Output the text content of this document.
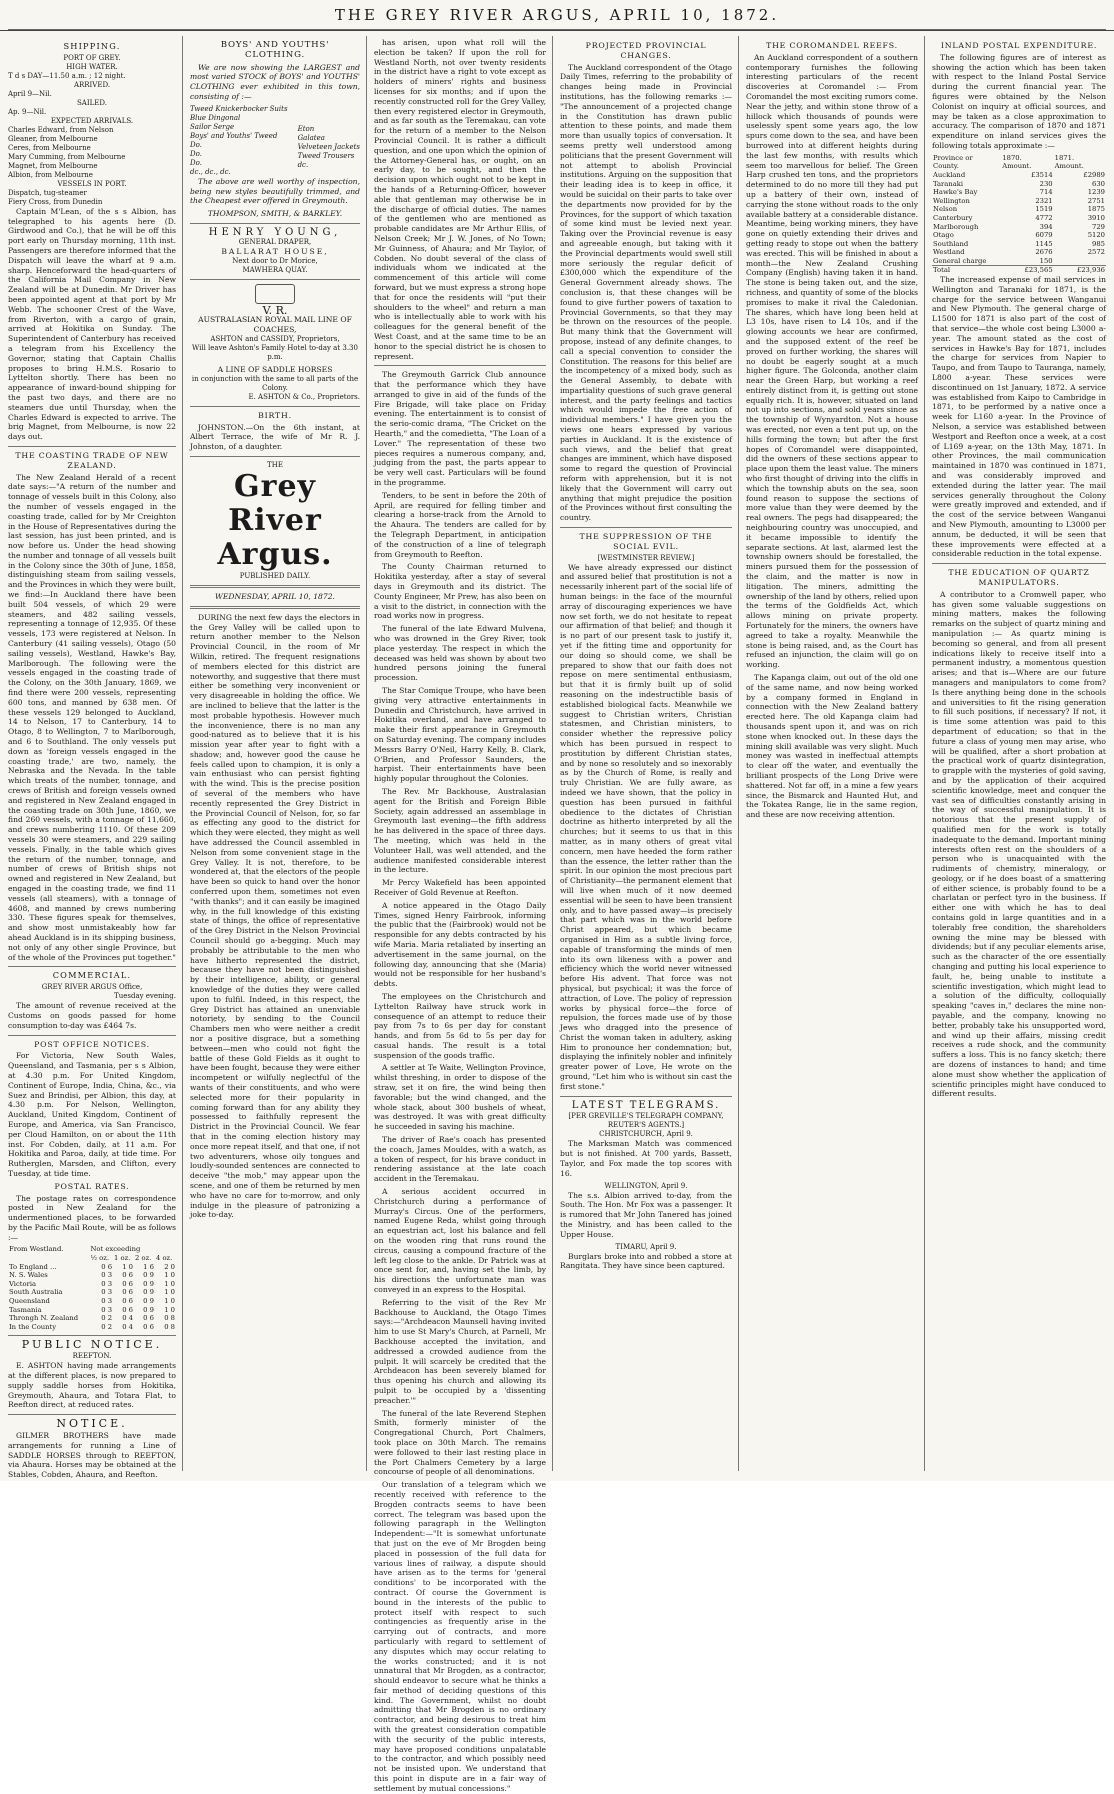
THE GREY RIVER ARGUS, APRIL 10, 1872.
SHIPPING.
PORT OF GREY.
HIGH WATER.
T d s DAY—11.50 a.m. ; 12 night.
ARRIVED.
April 9—Nil.
SAILED.
Ap. 9—Nil.
EXPECTED ARRIVALS.
Charles Edward, from Nelson
Gleaner, from Melbourne
Ceres, from Melbourne
Mary Cumming, from Melbourne
Magnet, from Melbourne
Albion, from Melbourne
VESSELS IN PORT.
Dispatch, tug-steamer
Fiery Cross, from Dunedin

Captain M'Lean, of the s s Albion, has telegraphed to his agents here (D. Girdwood and Co.), that he will be off this port early on Thursday morning, 11th inst. Passengers are therefore informed that the Dispatch will leave the wharf at 9 a.m. sharp. Henceforward the head-quarters of the California Mail Company in New Zealand will be at Dunedin. Mr Driver has been appointed agent at that port by Mr Webb. The schooner Crest of the Wave, from Riverton, with a cargo of grain, arrived at Hokitika on Sunday. The Superintendent of Canterbury has received a telegram from his Excellency the Governor, stating that Captain Challis proposes to bring H.M.S. Rosario to Lyttelton shortly. There has been no appearance of inward-bound shipping for the past two days, and there are no steamers due until Thursday, when the Charles Edward is expected to arrive. The brig Magnet, from Melbourne, is now 22 days out.

THE COASTING TRADE OF NEW ZEALAND.

The New Zealand Herald of a recent date says:—"A return of the number and tonnage of vessels built in this Colony, also the number of vessels engaged in the coasting trade, called for by Mr Creighton in the House of Representatives during the last session, has just been printed, and is now before us. Under the head showing the number and tonnage of all vessels built in the Colony since the 30th of June, 1858, distinguishing steam from sailing vessels, and the Provinces in which they were built, we find:—In Auckland there have been built 504 vessels, of which 29 were steamers, and 482 sailing vessels, representing a tonnage of 12,935. Of these vessels, 173 were registered at Nelson. In Canterbury (41 sailing vessels), Otago (50 sailing vessels), Westland, Hawke's Bay, Marlborough. The following were the vessels engaged in the coasting trade of the Colony, on the 30th January, 1869, we find there were 200 vessels, representing 600 tons, and manned by 638 men. Of these vessels 129 belonged to Auckland, 14 to Nelson, 17 to Canterbury, 14 to Otago, 8 to Wellington, 7 to Marlborough, and 6 to Southland. The only vessels put down as 'foreign vessels engaged in the coasting trade,' are two, namely, the Nebraska and the Nevada. In the table which treats of the number, tonnage, and crews of British and foreign vessels owned and registered in New Zealand engaged in the coasting trade on 30th June, 1860, we find 260 vessels, with a tonnage of 11,660, and crews numbering 1110. Of these 209 vessels 30 were steamers, and 229 sailing vessels. Finally, in the table which gives the return of the number, tonnage, and number of crews of British ships not owned and registered in New Zealand, but engaged in the coasting trade, we find 11 vessels (all steamers), with a tonnage of 4608, and manned by crews numbering 330. These figures speak for themselves, and show most unmistakeably how far ahead Auckland is in its shipping business, not only of any other single Province, but of the whole of the Provinces put together."

COMMERCIAL.
GREY RIVER ARGUS Office,
Tuesday evening.

The amount of revenue received at the Customs on goods passed for home consumption to-day was £464 7s.

POST OFFICE NOTICES.

For Victoria, New South Wales, Queensland, and Tasmania, per s s Albion, at 4.30 p.m. For United Kingdom, Continent of Europe, India, China, &c., via Suez and Brindisi, per Albion, this day, at 4.30 p.m. For Nelson, Wellington, Auckland, United Kingdom, Continent of Europe, and America, via San Francisco, per Cloud Hamilton, on or about the 11th inst. For Cobden, daily, at 11 a.m. For Hokitika and Paroa, daily, at tide time. For Rutherglen, Marsden, and Clifton, every Tuesday, at tide time.

POSTAL RATES.

The postage rates on correspondence posted in New Zealand for the undermentioned places, to be forwarded by the Pacific Mail Route, will be as follows :—

From Westland.	Not exceeding			
	½ oz.	1 oz.	2 oz.	4 oz.
To England ...	0 6	1 0	1 6	2 0
N. S. Wales	0 3	0 6	0 9	1 0
Victoria	0 3	0 6	0 9	1 0
South Australia	0 3	0 6	0 9	1 0
Queensland	0 3	0 6	0 9	1 0
Tasmania	0 3	0 6	0 9	1 0
Throngh N. Zealand	0 2	0 4	0 6	0 8
In the County	0 2	0 4	0 6	0 8
PUBLIC NOTICE.
REEFTON.

E. ASHTON having made arrangements at the different places, is now prepared to supply saddle horses from Hokitika, Greymouth, Ahaura, and Totara Flat, to Reefton direct, at reduced rates.

NOTICE.

GILMER BROTHERS have made arrangements for running a Line of SADDLE HORSES through to REEFTON, via Ahaura. Horses may be obtained at the Stables, Cobden, Ahaura, and Reefton.

BOYS' AND YOUTHS' CLOTHING.

We are now showing the LARGEST and most varied STOCK of BOYS' and YOUTHS' CLOTHING ever exhibited in this town, consisting of :—

Tweed Knickerbocker Suits
Blue Dingonal
Sailor Serge
Boys' and Youths' Tweed
Do.
Do.
Do.
dc., dc., dc.
Eton
Galatea
Velveteen Jackets
Tweed Trousers
dc.

The above are well worthy of inspection, being new styles beautifully trimmed, and the Cheapest ever offered in Greymouth.

THOMPSON, SMITH, & BARKLEY.
HENRY YOUNG,
GENERAL DRAPER,
BALLARAT HOUSE,
Next door to Dr Morice,
MAWHERA QUAY.
V. R.
AUSTRALASIAN ROYAL MAIL LINE OF COACHES,
ASHTON and CASSIDY, Proprietors,
Will leave Ashton's Family Hotel to-day at 3.30 p.m.
A LINE OF SADDLE HORSES
in conjunction with the same to all parts of the Colony.
E. ASHTON & Co., Proprietors.
BIRTH.

JOHNSTON.—On the 6th instant, at Albert Terrace, the wife of Mr R. J. Johnston, of a daughter.

THE
Grey River Argus.
PUBLISHED DAILY.
WEDNESDAY, APRIL 10, 1872.

DURING the next few days the electors in the Grey Valley will be called upon to return another member to the Nelson Provincial Council, in the room of Mr Wilkin, retired. The frequent resignations of members elected for this district are noteworthy, and suggestive that there must either be something very inconvenient or very disagreeable in holding the office. We are inclined to believe that the latter is the most probable hypothesis. However much the inconvenience, there is no man any good-natured as to believe that it is his mission year after year to fight with a shadow; and, however good the cause he feels called upon to champion, it is only a vain enthusiast who can persist fighting with the wind. This is the precise position of several of the members who have recently represented the Grey District in the Provincial Council of Nelson, for, so far as effecting any good to the district for which they were elected, they might as well have addressed the Council assembled in Nelson from some convenient stage in the Grey Valley. It is not, therefore, to be wondered at, that the electors of the people have been so quick to hand over the honor conferred upon them, sometimes not even "with thanks"; and it can easily be imagined why, in the full knowledge of this existing state of things, the office of representative of the Grey District in the Nelson Provincial Council should go a-begging. Much may probably be attributable to the men who have hitherto represented the district, because they have not been distinguished by their intelligence, ability, or general knowledge of the duties they were called upon to fulfil. Indeed, in this respect, the Grey District has attained an unenviable notoriety, by sending to the Council Chambers men who were neither a credit nor a positive disgrace, but a something between—men who could not fight the battle of these Gold Fields as it ought to have been fought, because they were either incompetent or wilfully neglectful of the wants of their constituents, and who were selected more for their popularity in coming forward than for any ability they possessed to faithfully represent the District in the Provincial Council. We fear that in the coming election history may once more repeat itself, and that one, if not two adventurers, whose oily tongues and loudly-sounded sentences are connected to deceive "the mob," may appear upon the scene, and one of them be returned by men who have no care for to-morrow, and only indulge in the pleasure of patronizing a joke to-day.

has arisen, upon what roll will the election be taken? If upon the roll for Westland North, not over twenty residents in the district have a right to vote except as holders of miners' rights and business licenses for six months; and if upon the recently constructed roll for the Grey Valley, then every registered elector in Greymouth, and as far south as the Teremakau, can vote for the return of a member to the Nelson Provincial Council. It is rather a difficult question, and one upon which the opinion of the Attorney-General has, or ought, on an early day, to be sought, and then the decision upon which ought not to be kept in the hands of a Returning-Officer, however able that gentleman may otherwise be in the discharge of official duties. The names of the gentlemen who are mentioned as probable candidates are Mr Arthur Ellis, of Nelson Creek; Mr J. W. Jones, of No Town; Mr Guinness, of Ahaura; and Mr Taylor, of Cobden. No doubt several of the class of individuals whom we indicated at the commencement of this article will come forward, but we must express a strong hope that for once the residents will "put their shoulders to the wheel" and return a man who is intellectually able to work with his colleagues for the general benefit of the West Coast, and at the same time to be an honor to the special district he is chosen to represent.

The Greymouth Garrick Club announce that the performance which they have arranged to give in aid of the funds of the Fire Brigade, will take place on Friday evening. The entertainment is to consist of the serio-comic drama, "The Cricket on the Hearth," and the comedietta, "The Loan of a Lover." The representation of these two pieces requires a numerous company, and, judging from the past, the parts appear to be very well cast. Particulars will be found in the programme.

Tenders, to be sent in before the 20th of April, are required for felling timber and clearing a horse-track from the Arnold to the Ahaura. The tenders are called for by the Telegraph Department, in anticipation of the construction of a line of telegraph from Greymouth to Reefton.

The County Chairman returned to Hokitika yesterday, after a stay of several days in Greymouth and its district. The County Engineer, Mr Prew, has also been on a visit to the district, in connection with the road works now in progress.

The funeral of the late Edward Mulvena, who was drowned in the Grey River, took place yesterday. The respect in which the deceased was held was shown by about two hundred persons joining the funeral procession.

The Star Comique Troupe, who have been giving very attractive entertainments in Dunedin and Christchurch, have arrived in Hokitika overland, and have arranged to make their first appearance in Greymouth on Saturday evening. The company includes Messrs Barry O'Neil, Harry Kelly, B. Clark, O'Brien, and Professor Saunders, the harpist. Their entertainments have been highly popular throughout the Colonies.

The Rev. Mr Backhouse, Australasian agent for the British and Foreign Bible Society, again addressed an assemblage in Greymouth last evening—the fifth address he has delivered in the space of three days. The meeting, which was held in the Volunteer Hall, was well attended, and the audience manifested considerable interest in the lecture.

Mr Percy Wakefield has been appointed Receiver of Gold Revenue at Reefton.

A notice appeared in the Otago Daily Times, signed Henry Fairbrook, informing the public that the (Fairbrook) would not be responsible for any debts contracted by his wife Maria. Maria retaliated by inserting an advertisement in the same journal, on the following day, announcing that she (Maria) would not be responsible for her husband's debts.

The employees on the Christchurch and Lyttelton Railway have struck work in consequence of an attempt to reduce their pay from 7s to 6s per day for constant hands, and from 5s 6d to 5s per day for casual hands. The result is a total suspension of the goods traffic.

A settler at Te Waite, Wellington Province, whilst threshing, in order to dispose of the straw, set it on fire, the wind being then favorable; but the wind changed, and the whole stack, about 300 bushels of wheat, was destroyed. It was with great difficulty he succeeded in saving his machine.

The driver of Rae's coach has presented the coach, James Mouldes, with a watch, as a token of respect, for his brave conduct in rendering assistance at the late coach accident in the Teremakau.

A serious accident occurred in Christchurch during a performance of Murray's Circus. One of the performers, named Eugene Reda, whilst going through an equestrian act, lost his balance and fell on the wooden ring that runs round the circus, causing a compound fracture of the left leg close to the ankle. Dr Patrick was at once sent for, and, having set the limb, by his directions the unfortunate man was conveyed in an express to the Hospital.

Referring to the visit of the Rev Mr Backhouse to Auckland, the Otago Times says:—"Archdeacon Maunsell having invited him to use St Mary's Church, at Parnell, Mr Backhouse accepted the invitation, and addressed a crowded audience from the pulpit. It will scarcely be credited that the Archdeacon has been severely blamed for thus opening his church and allowing its pulpit to be occupied by a 'dissenting preacher.'"

The funeral of the late Reverend Stephen Smith, formerly minister of the Congregational Church, Port Chalmers, took place on 30th March. The remains were followed to their last resting place in the Port Chalmers Cemetery by a large concourse of people of all denominations.

Our translation of a telegram which we recently received with reference to the Brogden contracts seems to have been correct. The telegram was based upon the following paragraph in the Wellington Independent:—"It is somewhat unfortunate that just on the eve of Mr Brogden being placed in possession of the full data for various lines of railway, a dispute should have arisen as to the terms for 'general conditions' to be incorporated with the contract. Of course the Government is bound in the interests of the public to protect itself with respect to such contingencies as frequently arise in the carrying out of contracts, and more particularly with regard to settlement of any disputes which may occur relating to the works constructed; and it is not unnatural that Mr Brogden, as a contractor, should endeavor to secure what he thinks a fair method of deciding questions of this kind. The Government, whilst no doubt admitting that Mr Brogden is no ordinary contractor, and being desirous to treat him with the greatest consideration compatible with the security of the public interests, may have proposed conditions unpalatable to the contractor, and which possibly need not be insisted upon. We understand that this point in dispute are in a fair way of settlement by mutual concessions."

PROJECTED PROVINCIAL CHANGES.

The Auckland correspondent of the Otago Daily Times, referring to the probability of changes being made in Provincial institutions, has the following remarks :— "The announcement of a projected change in the Constitution has drawn public attention to these points, and made them more than usually topics of conversation. It seems pretty well understood among politicians that the present Government will not attempt to abolish Provincial institutions. Arguing on the supposition that their leading idea is to keep in office, it would be suicidal on their parts to take over the departments now provided for by the Provinces, for the support of which taxation of some kind must be levied next year. Taking over the Provincial revenue is easy and agreeable enough, but taking with it the Provincial departments would swell still more seriously the regular deficit of £300,000 which the expenditure of the General Government already shows. The conclusion is, that these changes will be found to give further powers of taxation to Provincial Governments, so that they may be thrown on the resources of the people. But many think that the Government will propose, instead of any definite changes, to call a special convention to consider the Constitution. The reasons for this belief are the incompetency of a mixed body, such as the General Assembly, to debate with impartiality questions of such grave general interest, and the party feelings and tactics which would impede the free action of individual members." I have given you the views one hears expressed by various parties in Auckland. It is the existence of such views, and the belief that great changes are imminent, which have disposed some to regard the question of Provincial reform with apprehension, but it is not likely that the Government will carry out anything that might prejudice the position of the Provinces without first consulting the country.

THE SUPPRESSION OF THE SOCIAL EVIL.
[WESTMINSTER REVIEW.]

We have already expressed our distinct and assured belief that prostitution is not a necessarily inherent part of the social life of human beings: in the face of the mournful array of discouraging experiences we have now set forth, we do not hesitate to repeat our affirmation of that belief; and though it is no part of our present task to justify it, yet if the fitting time and opportunity for our doing so should come, we shall be prepared to show that our faith does not repose on mere sentimental enthusiasm, but that it is firmly built up of solid reasoning on the indestructible basis of established biological facts. Meanwhile we suggest to Christian writers, Christian statesmen, and Christian ministers, to consider whether the repressive policy which has been pursued in respect to prostitution by different Christian states, and by none so resolutely and so inexorably as by the Church of Rome, is really and truly Christian. We are fully aware, as indeed we have shown, that the policy in question has been pursued in faithful obedience to the dictates of Christian doctrine as hitherto interpreted by all the churches; but it seems to us that in this matter, as in many others of great vital concern, men have heeded the form rather than the essence, the letter rather than the spirit. In our opinion the most precious part of Christianity—the permanent element that will live when much of it now deemed essential will be seen to have been transient only, and to have passed away—is precisely that part which was in the world before Christ appeared, but which became organised in Him as a subtle living force, capable of transforming the minds of men into its own likeness with a power and efficiency which the world never witnessed before His advent. That force was not physical, but psychical; it was the force of attraction, of Love. The policy of repression works by physical force—the force of repulsion, the forces made use of by those Jews who dragged into the presence of Christ the woman taken in adultery, asking Him to pronounce her condemnation; but, displaying the infinitely nobler and infinitely greater power of Love, He wrote on the ground, "Let him who is without sin cast the first stone."

LATEST TELEGRAMS.
[PER GREVILLE'S TELEGRAPH COMPANY, REUTER'S AGENTS.]
CHRISTCHURCH, April 9.

The Marksman Match was commenced but is not finished. At 700 yards, Bassett, Taylor, and Fox made the top scores with 16.

WELLINGTON, April 9.

The s.s. Albion arrived to-day, from the South. The Hon. Mr Fox was a passenger. It is rumored that Mr John Tanered has joined the Ministry, and has been called to the Upper House.

TIMARU, April 9.

Burglars broke into and robbed a store at Rangitata. They have since been captured.

THE COROMANDEL REEFS.

An Auckland correspondent of a southern contemporary furnishes the following interesting particulars of the recent discoveries at Coromandel :— From Coromandel the most exciting rumors come. Near the jetty, and within stone throw of a hillock which thousands of pounds were uselessly spent some years ago, the low spurs come down to the sea, and have been burrowed into at different heights during the last few months, with results which seem too marvellous for belief. The Green Harp crushed ten tons, and the proprietors determined to do no more till they had put up a battery of their own, instead of carrying the stone without roads to the only available battery at a considerable distance. Meantime, being working miners, they have gone on quietly extending their drives and getting ready to stope out when the battery was erected. This will be finished in about a month—the New Zealand Crushing Company (English) having taken it in hand. The stone is being taken out, and the size, richness, and quantity of some of the blocks promises to make it rival the Caledonian. The shares, which have long been held at L3 10s, have risen to L4 10s, and if the glowing accounts we hear are confirmed, and the supposed extent of the reef be proved on further working, the shares will no doubt be eagerly sought at a much higher figure. The Golconda, another claim near the Green Harp, but working a reef entirely distinct from it, is getting out stone equally rich. It is, however, situated on land not up into sections, and sold years since as the township of Wynyardton. Not a house was erected, nor even a tent put up, on the hills forming the town; but after the first hopes of Coromandel were disappointed, did the owners of these sections appear to place upon them the least value. The miners who first thought of driving into the cliffs in which the township abuts on the sea, soon found reason to suppose the sections of more value than they were deemed by the real owners. The pegs had disappeared; the neighbouring country was unoccupied, and it became impossible to identify the separate sections. At last, alarmed lest the township owners should be forestalled, the miners pursued them for the possession of the claim, and the matter is now in litigation. The miners, admitting the ownership of the land by others, relied upon the terms of the Goldfields Act, which allows mining on private property. Fortunately for the miners, the owners have agreed to take a royalty. Meanwhile the stone is being raised, and, as the Court has refused an injunction, the claim will go on working.

The Kapanga claim, out out of the old one of the same name, and now being worked by a company formed in England in connection with the New Zealand battery erected here. The old Kapanga claim had thousands spent upon it, and was on rich stone when knocked out. In these days the mining skill available was very slight. Much money was wasted in ineffectual attempts to clear off the water, and eventually the brilliant prospects of the Long Drive were shattered. Not far off, in a mine a few years since, the Bismarck and Haunted Hut, and the Tokatea Range, lie in the same region, and these are now receiving attention.

INLAND POSTAL EXPENDITURE.

The following figures are of interest as showing the action which has been taken with respect to the Inland Postal Service during the current financial year. The figures were obtained by the Nelson Colonist on inquiry at official sources, and may be taken as a close approximation to accuracy. The comparison of 1870 and 1871 expenditure on inland services gives the following totals approximate :—

Province or County.	1870. Amount.	1871. Amount.
Auckland	£3514	£2989
Taranaki	230	630
Hawke's Bay	714	1239
Wellington	2321	2751
Nelson	1519	1875
Canterbury	4772	3910
Marlborough	394	729
Otago	6079	5120
Southland	1145	985
Westland	2676	2572
General charge	150	
Total	£23,565	£23,936

The increased expense of mail services in Wellington and Taranaki for 1871, is the charge for the service between Wanganui and New Plymouth. The general charge of L1500 for 1871 is also part of the cost of that service—the whole cost being L3000 a-year. The amount stated as the cost of services in Hawke's Bay for 1871, includes the charge for services from Napier to Taupo, and from Taupo to Tauranga, namely, L800 a-year. These services were discontinued on 1st January, 1872. A service was established from Kaipo to Cambridge in 1871, to be performed by a native once a week for L160 a-year. In the Province of Nelson, a service was established between Westport and Reefton once a week, at a cost of L169 a-year, on the 13th May, 1871. In other Provinces, the mail communication maintained in 1870 was continued in 1871, and was considerably improved and extended during the latter year. The mail services generally throughout the Colony were greatly improved and extended, and if the cost of the service between Wanganui and New Plymouth, amounting to L3000 per annum, be deducted, it will be seen that these improvements were effected at a considerable reduction in the total expense.

THE EDUCATION OF QUARTZ MANIPULATORS.

A contributor to a Cromwell paper, who has given some valuable suggestions on mining matters, makes the following remarks on the subject of quartz mining and manipulation :— As quartz mining is becoming so general, and from all present indications likely to receive itself into a permanent industry, a momentous question arises; and that is—Where are our future managers and manipulators to come from? Is there anything being done in the schools and universities to fit the rising generation to fill such positions, if necessary? If not, it is time some attention was paid to this department of education; so that in the future a class of young men may arise, who will be qualified, after a short probation at the practical work of quartz disintegration, to grapple with the mysteries of gold saving, and by the application of their acquired scientific knowledge, meet and conquer the vast sea of difficulties constantly arising in the way of successful manipulation. It is notorious that the present supply of qualified men for the work is totally inadequate to the demand. Important mining interests often rest on the shoulders of a person who is unacquainted with the rudiments of chemistry, mineralogy, or geology, or if he does boast of a smattering of either science, is probably found to be a charlatan or perfect tyro in the business. If either one with which he has to deal contains gold in large quantities and in a tolerably free condition, the shareholders owning the mine may be blessed with dividends; but if any peculiar elements arise, such as the character of the ore essentially changing and putting his local experience to fault, he, being unable to institute a scientific investigation, which might lead to a solution of the difficulty, colloquially speaking "caves in," declares the mine non-payable, and the company, knowing no better, probably take his unsupported word, and wind up their affairs, missing credit receives a rude shock, and the community suffers a loss. This is no fancy sketch; there are dozens of instances to hand; and time alone must show whether the application of scientific principles might have conduced to different results.
